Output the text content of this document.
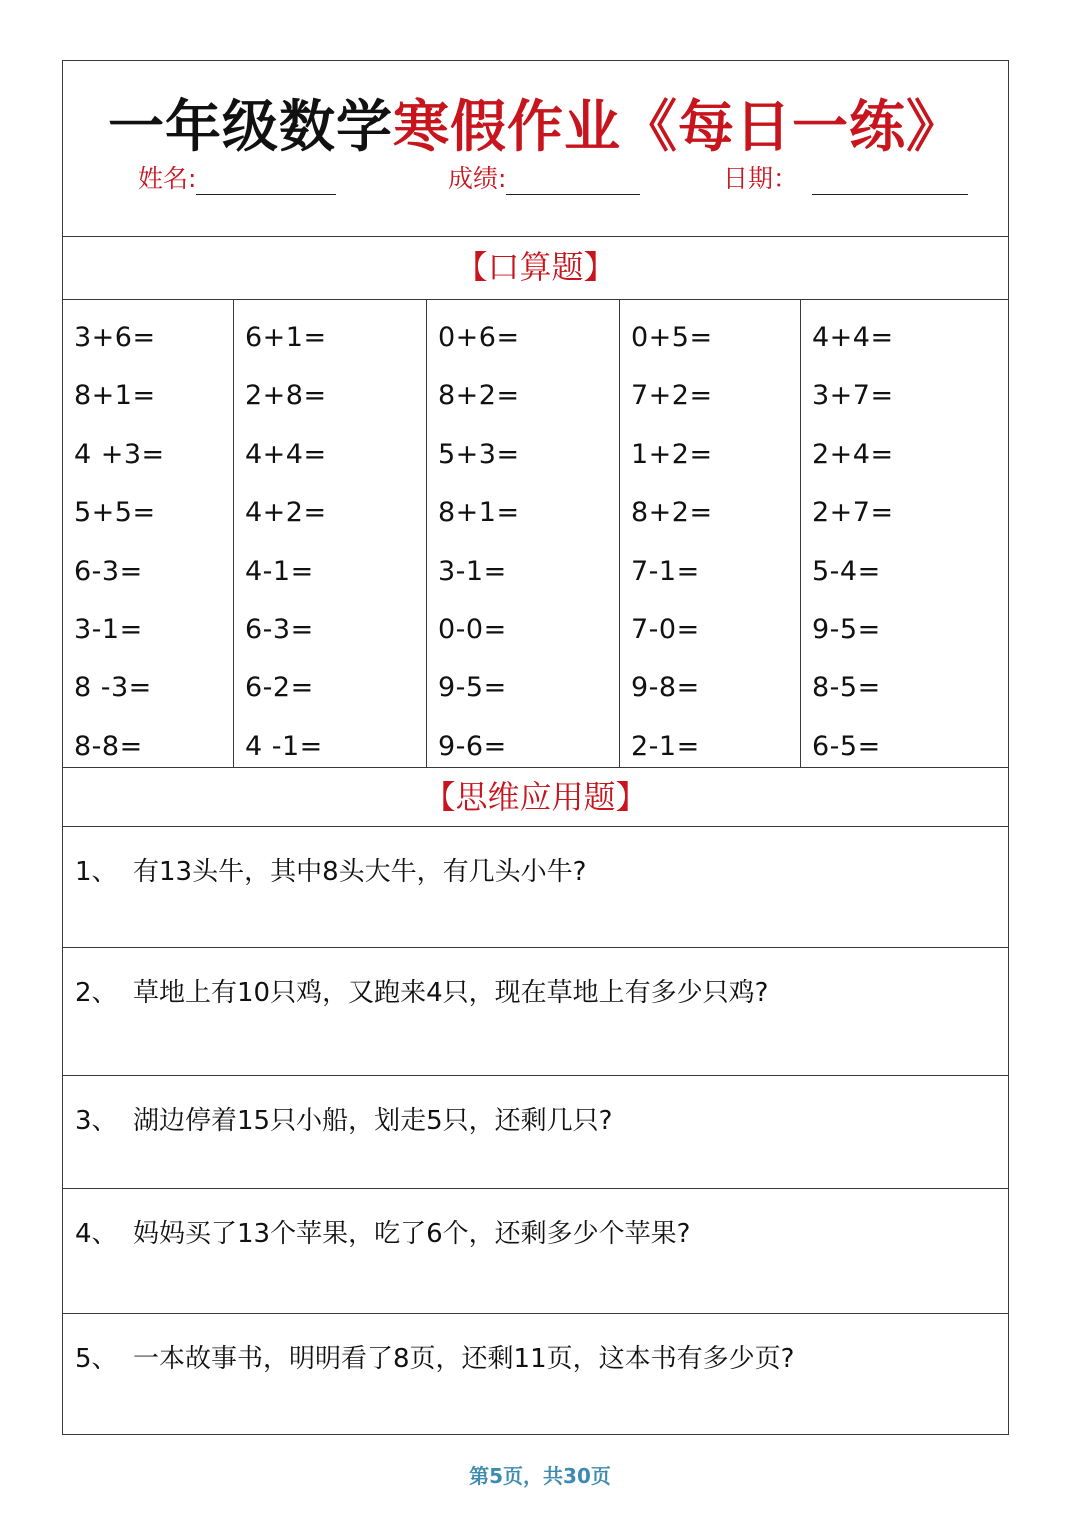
一年级数学寒假作业《每日一练》
姓名:	成绩:	日期：
【口算题】
3+6=
8+1=
4 +3=
5+5=
6-3=
3-1=
8 -3=
8-8=
6+1=
2+8=
4+4=
4+2=
4-1=
6-3=
6-2=
4 -1=
0+6=
8+2=
5+3=
8+1=
3-1=
0-0=
9-5=
9-6=
0+5=
7+2=
1+2=
8+2=
7-1=
7-0=
9-8=
2-1=
4+4=
3+7=
2+4=
2+7=
5-4=
9-5=
8-5=
6-5=
【思维应用题】
1、 有13头牛，其中8头大牛，有几头小牛?
2、 草地上有10只鸡，又跑来4只，现在草地上有多少只鸡?
3、 湖边停着15只小船，划走5只，还剩几只?
4、 妈妈买了13个苹果，吃了6个，还剩多少个苹果?
5、 一本故事书，明明看了8页，还剩11页，这本书有多少页?
第5页，共30页
